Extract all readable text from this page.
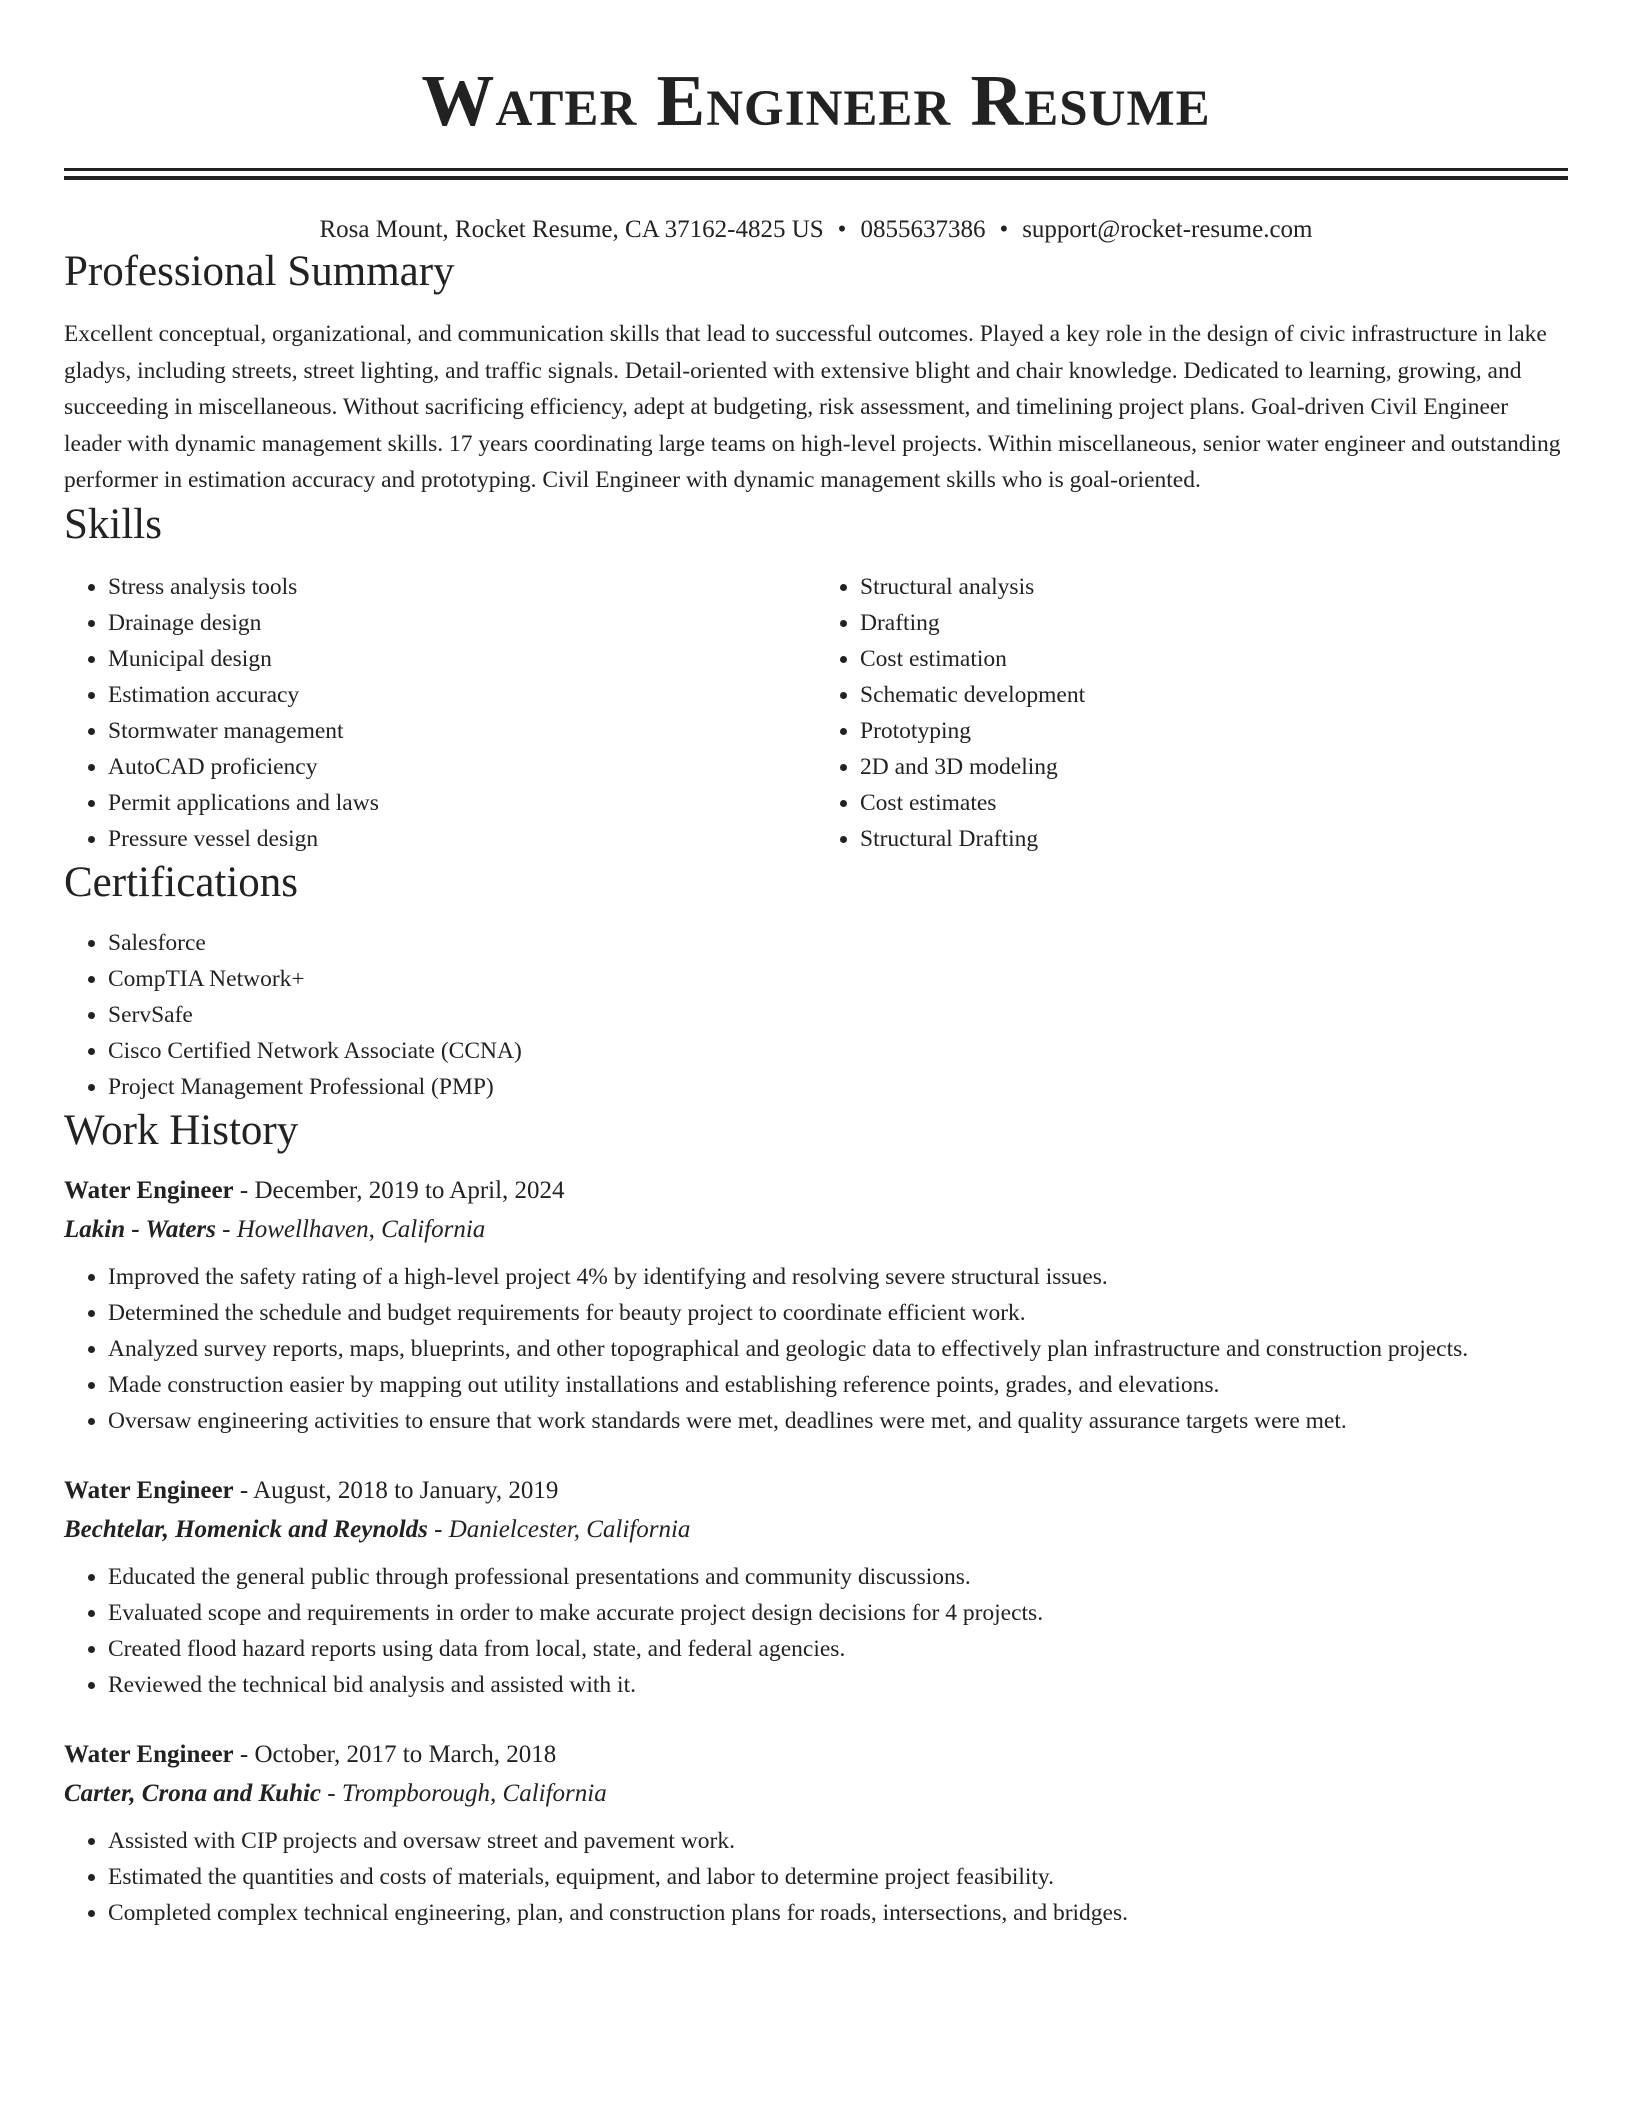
Water Engineer Resume
Rosa Mount, Rocket Resume, CA 37162-4825 US • 0855637386 • support@rocket-resume.com
Professional Summary
Excellent conceptual, organizational, and communication skills that lead to successful outcomes. Played a key role in the design of civic infrastructure in lake gladys, including streets, street lighting, and traffic signals. Detail-oriented with extensive blight and chair knowledge. Dedicated to learning, growing, and succeeding in miscellaneous. Without sacrificing efficiency, adept at budgeting, risk assessment, and timelining project plans. Goal-driven Civil Engineer leader with dynamic management skills. 17 years coordinating large teams on high-level projects. Within miscellaneous, senior water engineer and outstanding performer in estimation accuracy and prototyping. Civil Engineer with dynamic management skills who is goal-oriented.
Skills
• Stress analysis tools
• Drainage design
• Municipal design
• Estimation accuracy
• Stormwater management
• AutoCAD proficiency
• Permit applications and laws
• Pressure vessel design
• Structural analysis
• Drafting
• Cost estimation
• Schematic development
• Prototyping
• 2D and 3D modeling
• Cost estimates
• Structural Drafting
Certifications
• Salesforce
• CompTIA Network+
• ServSafe
• Cisco Certified Network Associate (CCNA)
• Project Management Professional (PMP)
Work History
Water Engineer - December, 2019 to April, 2024
Lakin - Waters - Howellhaven, California
• Improved the safety rating of a high-level project 4% by identifying and resolving severe structural issues.
• Determined the schedule and budget requirements for beauty project to coordinate efficient work.
• Analyzed survey reports, maps, blueprints, and other topographical and geologic data to effectively plan infrastructure and construction projects.
• Made construction easier by mapping out utility installations and establishing reference points, grades, and elevations.
• Oversaw engineering activities to ensure that work standards were met, deadlines were met, and quality assurance targets were met.
Water Engineer - August, 2018 to January, 2019
Bechtelar, Homenick and Reynolds - Danielcester, California
• Educated the general public through professional presentations and community discussions.
• Evaluated scope and requirements in order to make accurate project design decisions for 4 projects.
• Created flood hazard reports using data from local, state, and federal agencies.
• Reviewed the technical bid analysis and assisted with it.
Water Engineer - October, 2017 to March, 2018
Carter, Crona and Kuhic - Trompborough, California
• Assisted with CIP projects and oversaw street and pavement work.
• Estimated the quantities and costs of materials, equipment, and labor to determine project feasibility.
• Completed complex technical engineering, plan, and construction plans for roads, intersections, and bridges.
